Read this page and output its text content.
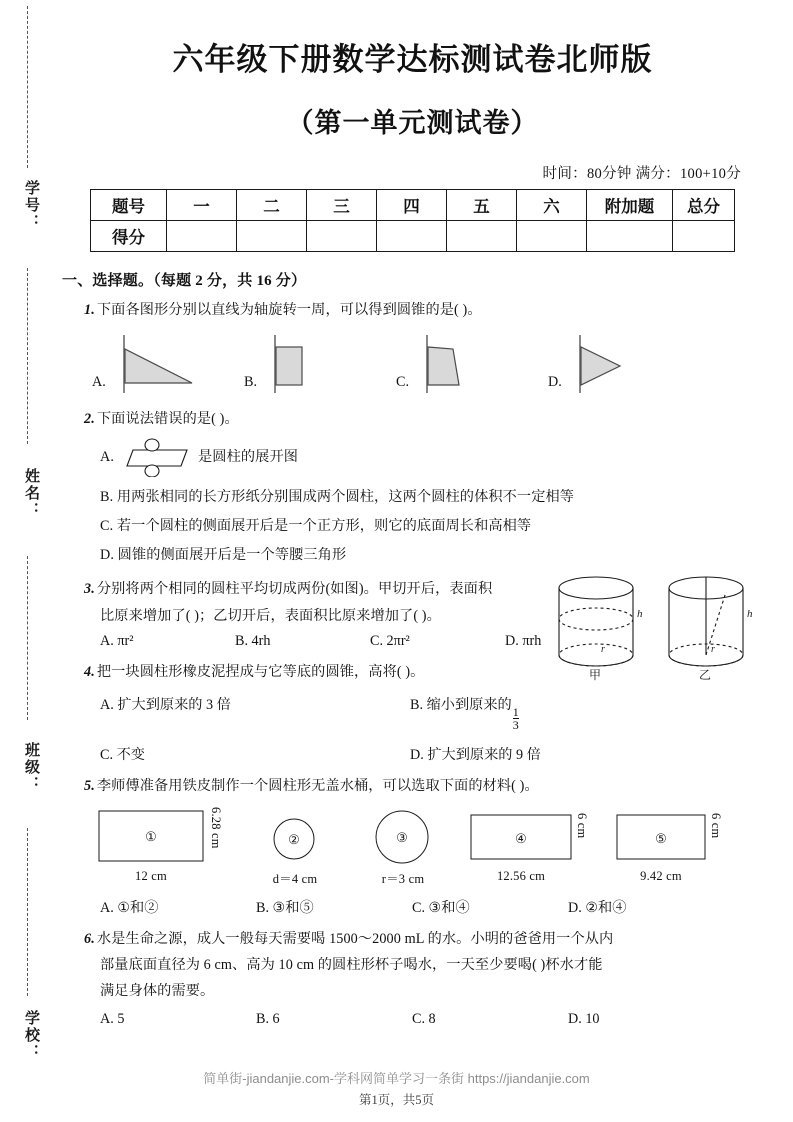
学号：
姓名：
班级：
学校：
六年级下册数学达标测试卷北师版
（第一单元测试卷）
时间：80分钟 满分：100+10分
题号	一	二	三	四	五	六	附加题	总分
得分								
一、选择题。（每题 2 分，共 16 分）
1. 下面各图形分别以直线为轴旋转一周，可以得到圆锥的是( )。
A.	B.	C.	D.
2. 下面说法错误的是( )。
A.	是圆柱的展开图
B. 用两张相同的长方形纸分别围成两个圆柱，这两个圆柱的体积不一定相等
C. 若一个圆柱的侧面展开后是一个正方形，则它的底面周长和高相等
D. 圆锥的侧面展开后是一个等腰三角形
3. 分别将两个相同的圆柱平均切成两份(如图)。甲切开后，表面积
比原来增加了( )；乙切开后，表面积比原来增加了( )。
A. πr²	B. 4rh	C. 2πr²	D. πrh
h
r
甲
h
r
乙
4. 把一块圆柱形橡皮泥捏成与它等底的圆锥，高将( )。
A. 扩大到原来的 3 倍	B. 缩小到原来的
$\frac{1}{3}$
C. 不变	D. 扩大到原来的 9 倍
5. 李师傅准备用铁皮制作一个圆柱形无盖水桶，可以选取下面的材料( )。
①
12 cm
6.28 cm	②
d＝4 cm
③
r＝3 cm
④
12.56 cm
6 cm
⑤
9.42 cm
6 cm
A. ①和②	B. ③和⑤	C. ③和④	D. ②和④
6. 水是生命之源，成人一般每天需要喝 1500～2000 mL 的水。小明的爸爸用一个从内
部量底面直径为 6 cm、高为 10 cm 的圆柱形杯子喝水，一天至少要喝( )杯水才能
满足身体的需要。
A. 5	B. 6	C. 8	D. 10
简单街-jiandanjie.com-学科网简单学习一条街 https://jiandanjie.com
第1页，共5页
